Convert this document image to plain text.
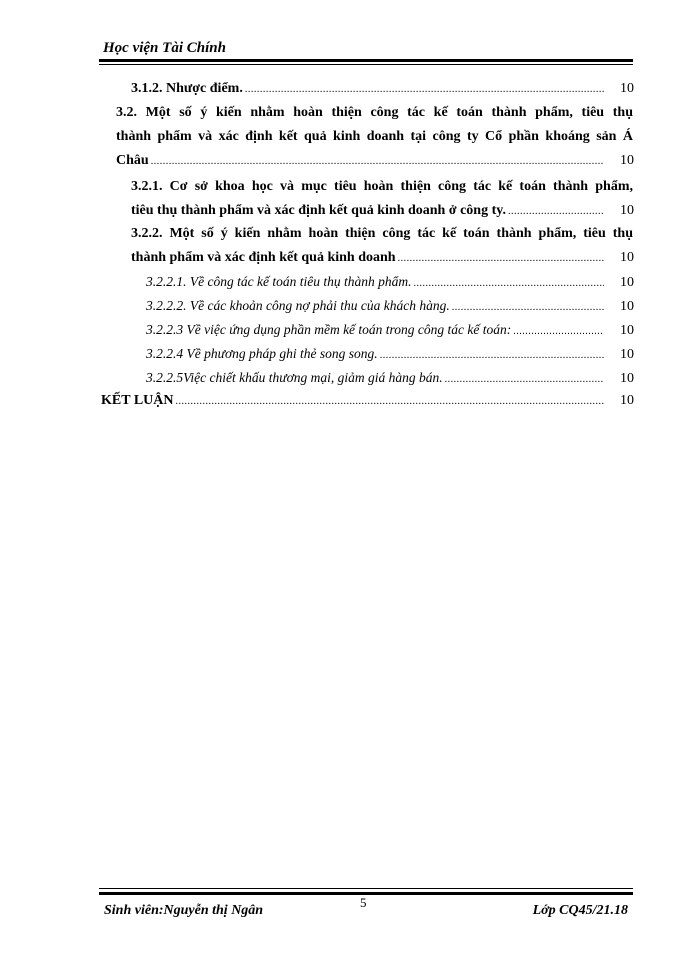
Học viện Tài Chính
3.1.2. Nhược điểm. .....	10
3.2. Một số ý kiến nhằm hoàn thiện công tác kế toán thành phẩm, tiêu thụ
thành phẩm và xác định kết quả kinh doanh tại công ty Cổ phần khoáng sản Á
Châu .....	10
3.2.1. Cơ sở khoa học và mục tiêu hoàn thiện công tác kế toán thành phẩm,
tiêu thụ thành phẩm và xác định kết quả kinh doanh ở công ty. .....	10
3.2.2. Một số ý kiến nhằm hoàn thiện công tác kế toán thành phẩm, tiêu thụ
thành phẩm và xác định kết quả kinh doanh .....	10
3.2.2.1. Về công tác kế toán tiêu thụ thành phẩm. .....	10
3.2.2.2. Về các khoản công nợ phải thu của khách hàng. .....	10
3.2.2.3 Về việc ứng dụng phần mềm kế toán trong công tác kế toán: .....	10
3.2.2.4 Về phương pháp ghi thẻ song song. .....	10
3.2.2.5Việc chiết khấu thương mại, giảm giá hàng bán. .....	10
KẾT LUẬN .....	10
5
Sinh viên:Nguyễn thị Ngân	Lớp CQ45/21.18
